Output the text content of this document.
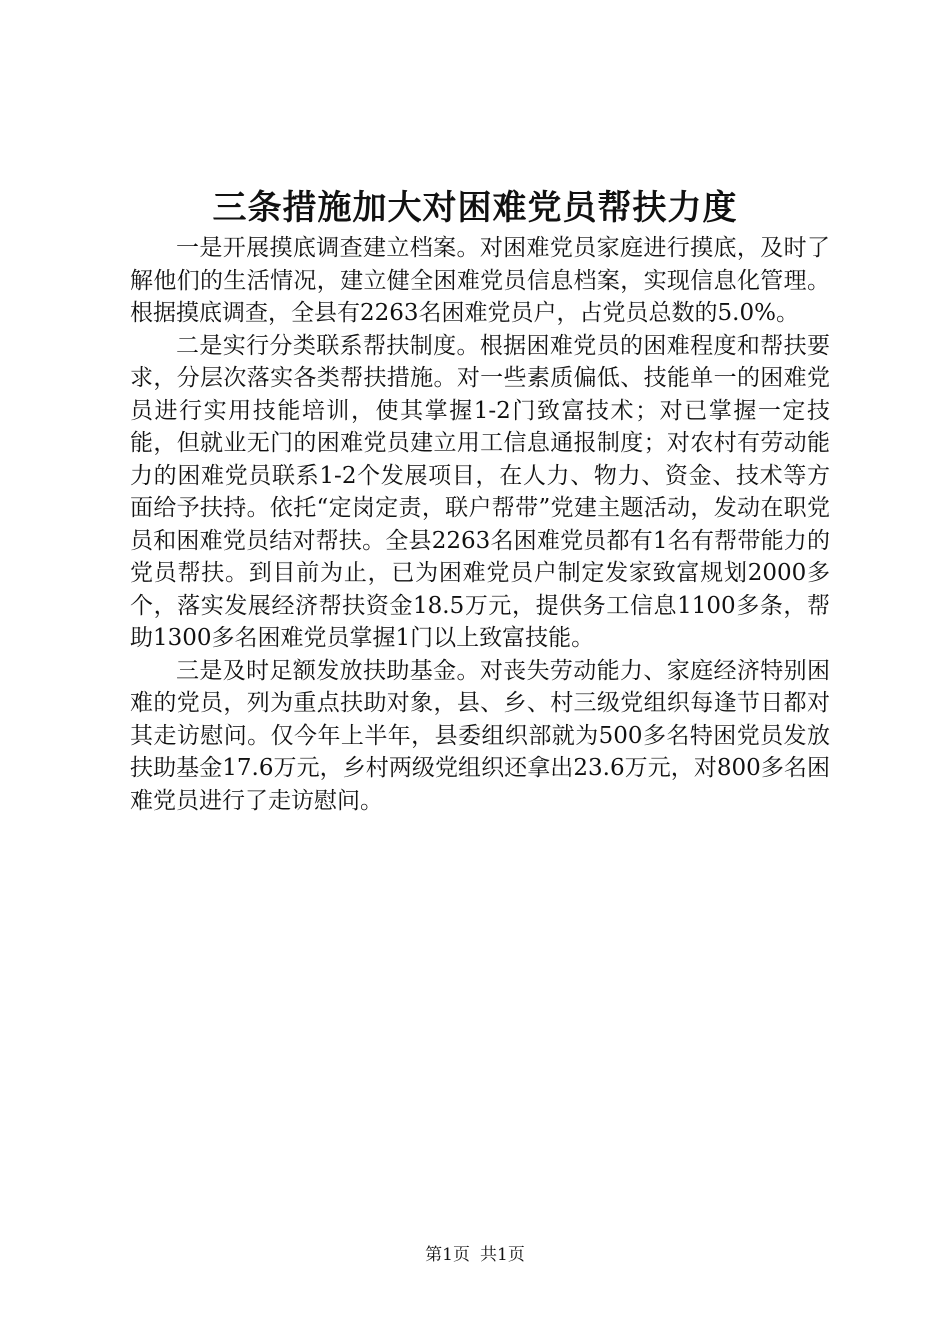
三条措施加大对困难党员帮扶力度

一是开展摸底调查建立档案。对困难党员家庭进行摸底，及时了解他们的生活情况，建立健全困难党员信息档案，实现信息化管理。根据摸底调查，全县有2263名困难党员户，占党员总数的5.0%。

二是实行分类联系帮扶制度。根据困难党员的困难程度和帮扶要求，分层次落实各类帮扶措施。对一些素质偏低、技能单一的困难党员进行实用技能培训，使其掌握1-2门致富技术；对已掌握一定技能，但就业无门的困难党员建立用工信息通报制度；对农村有劳动能力的困难党员联系1-2个发展项目，在人力、物力、资金、技术等方面给予扶持。依托“定岗定责，联户帮带”党建主题活动，发动在职党员和困难党员结对帮扶。全县2263名困难党员都有1名有帮带能力的党员帮扶。到目前为止，已为困难党员户制定发家致富规划2000多个，落实发展经济帮扶资金18.5万元，提供务工信息1100多条，帮助1300多名困难党员掌握1门以上致富技能。

三是及时足额发放扶助基金。对丧失劳动能力、家庭经济特别困难的党员，列为重点扶助对象，县、乡、村三级党组织每逢节日都对其走访慰问。仅今年上半年，县委组织部就为500多名特困党员发放扶助基金17.6万元，乡村两级党组织还拿出23.6万元，对800多名困难党员进行了走访慰问。

第1页 共1页
